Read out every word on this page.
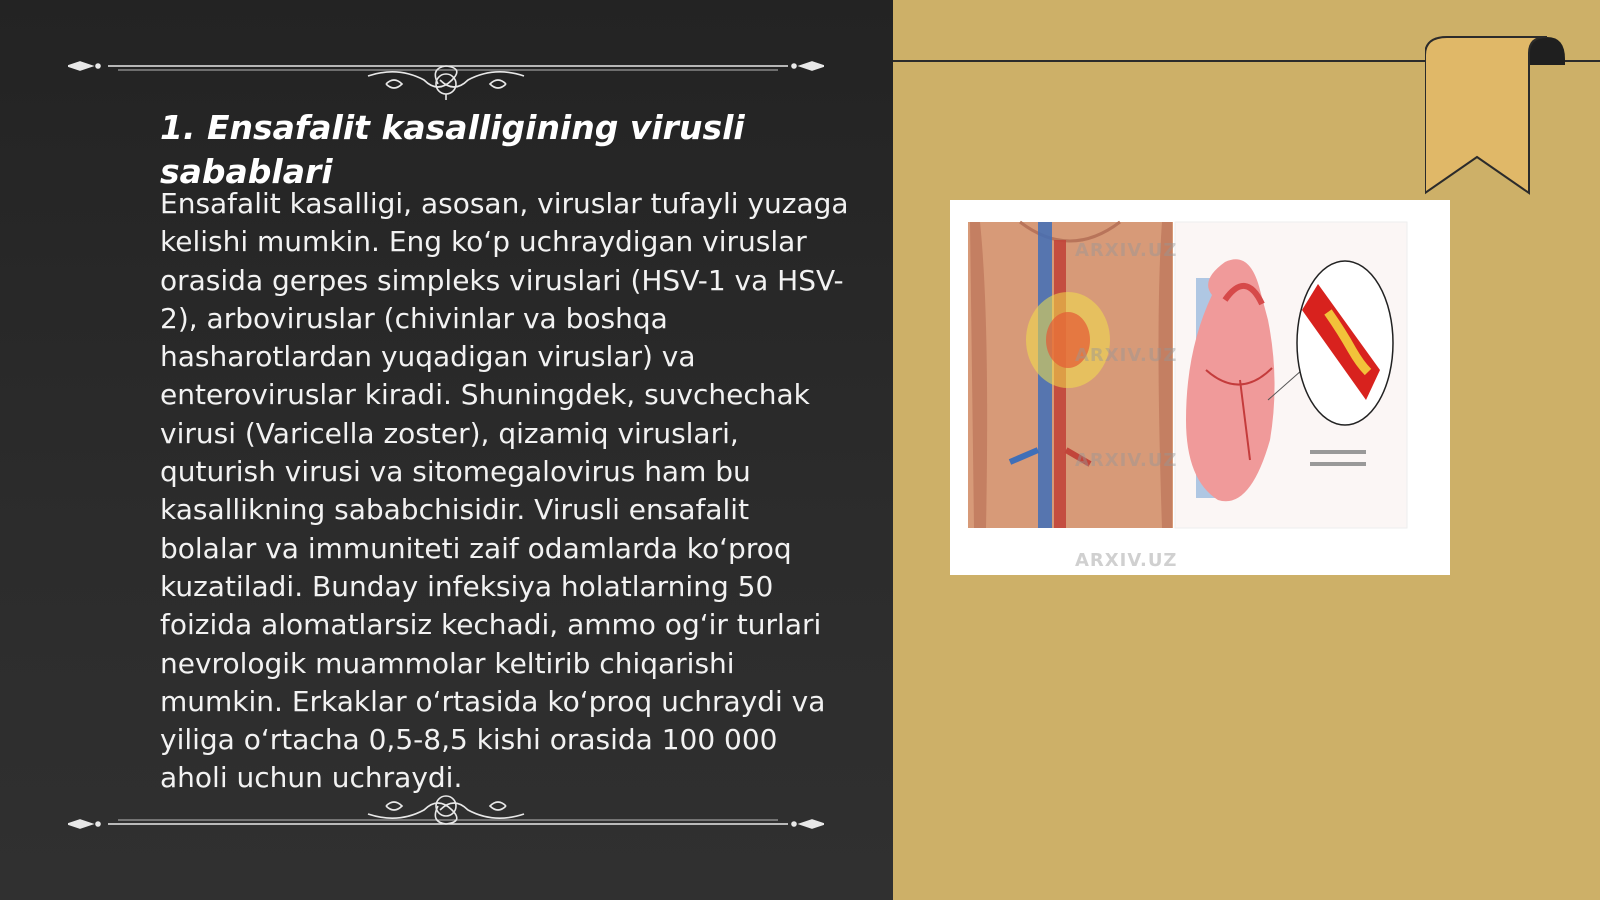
1. Ensafalit kasalligining virusli sabablari

Ensafalit kasalligi, asosan, viruslar tufayli yuzaga kelishi mumkin. Eng ko‘p uchraydigan viruslar orasida gerpes simpleks viruslari (HSV-1 va HSV-2), arboviruslar (chivinlar va boshqa hasharotlardan yuqadigan viruslar) va enteroviruslar kiradi. Shuningdek, suvchechak virusi (Varicella zoster), qizamiq viruslari, quturish virusi va sitomegalovirus ham bu kasallikning sababchisidir. Virusli ensafalit bolalar va immuniteti zaif odamlarda ko‘proq kuzatiladi. Bunday infeksiya holatlarning 50 foizida alomatlarsiz kechadi, ammo og‘ir turlari nevrologik muammolar keltirib chiqarishi mumkin. Erkaklar o‘rtasida ko‘proq uchraydi va yiliga o‘rtacha 0,5-8,5 kishi orasida 100 000 aholi uchun uchraydi.

ARXIV.UZ
ARXIV.UZ
ARXIV.UZ
ARXIV.UZ
